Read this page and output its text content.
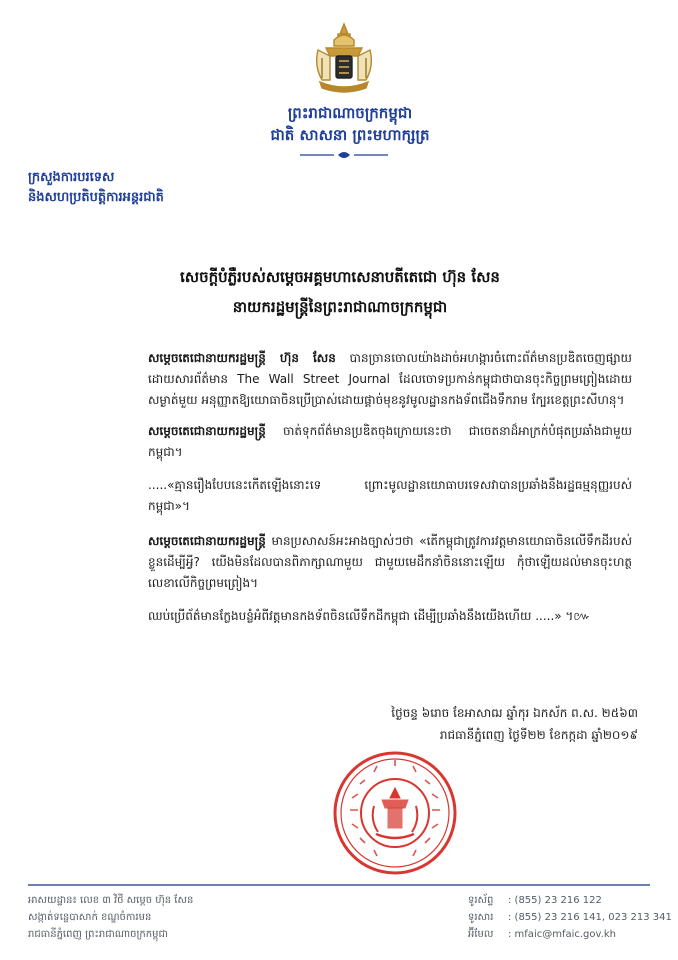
ព្រះរាជាណាចក្រកម្ពុជា
ជាតិ សាសនា ព្រះមហាក្សត្រ
ក្រសួងការបរទេស
និងសហប្រតិបត្តិការអន្តរជាតិ
សេចក្តីបំភ្លឺរបស់សម្តេចអគ្គមហាសេនាបតីតេជោ ហ៊ុន សែន
នាយករដ្ឋមន្ត្រីនៃព្រះរាជាណាចក្រកម្ពុជា

សម្តេចតេជោនាយករដ្ឋមន្ត្រី ហ៊ុន សែន បានច្រានចោលយ៉ាងដាច់អហង្ការចំពោះព័ត៌មានប្រឌិតចេញផ្សាយដោយសារព័ត៌មាន The Wall Street Journal ដែលចោទប្រកាន់កម្ពុជាថាបានចុះកិច្ចព្រមព្រៀងដោយសម្ងាត់មួយ អនុញ្ញាតឱ្យយោធាចិនប្រើប្រាស់ដោយផ្តាច់មុខនូវមូលដ្ឋានកងទ័ពជើងទឹករាម ក្បែរខេត្តព្រះសីហនុ។

សម្តេចតេជោនាយករដ្ឋមន្ត្រី ចាត់ទុកព័ត៌មានប្រឌិតចុងក្រោយនេះថា ជាចេតនាដ៏អាក្រក់បំផុតប្រឆាំងជាមួយកម្ពុជា។

.....«គ្មានរឿងបែបនេះកើតឡើងនោះទេ ព្រោះមូលដ្ឋានយោធាបរទេសវាបានប្រឆាំងនឹងរដ្ឋធម្មនុញ្ញរបស់កម្ពុជា»។

សម្តេចតេជោនាយករដ្ឋមន្ត្រី មានប្រសាសន៍អះអាងច្បាស់ៗថា «តើកម្ពុជាត្រូវការវត្តមានយោធាចិនលើទឹកដីរបស់ខ្លួនដើម្បីអ្វី? យើងមិនដែលបានពិភាក្សាណាមួយ ជាមួយមេដឹកនាំចិននោះឡើយ កុំថាឡើយដល់មានចុះហត្ថលេខាលើកិច្ចព្រមព្រៀង។

ឈប់ប្រើព័ត៌មានក្លែងបន្លំអំពីវត្តមានកងទ័ពចិនលើទឹកដីកម្ពុជា ដើម្បីប្រឆាំងនឹងយើងហើយ .....» ។៚

ថ្ងៃចន្ទ ៦រោច ខែអាសាឍ ឆ្នាំកុរ ឯកស័ក ព.ស. ២៥៦៣
រាជធានីភ្នំពេញ ថ្ងៃទី២២ ខែកក្កដា ឆ្នាំ២០១៩
អាសយដ្ឋាន៖ លេខ ៣ វិថី សម្តេច ហ៊ុន សែន
សង្កាត់ទន្លេបាសាក់ ខណ្ឌចំការមន
រាជធានីភ្នំពេញ ព្រះរាជាណាចក្រកម្ពុជា
ទូរស័ព្ទ : (855) 23 216 122
ទូរសារ : (855) 23 216 141, 023 213 341
អ៊ីមែល : mfaic@mfaic.gov.kh
